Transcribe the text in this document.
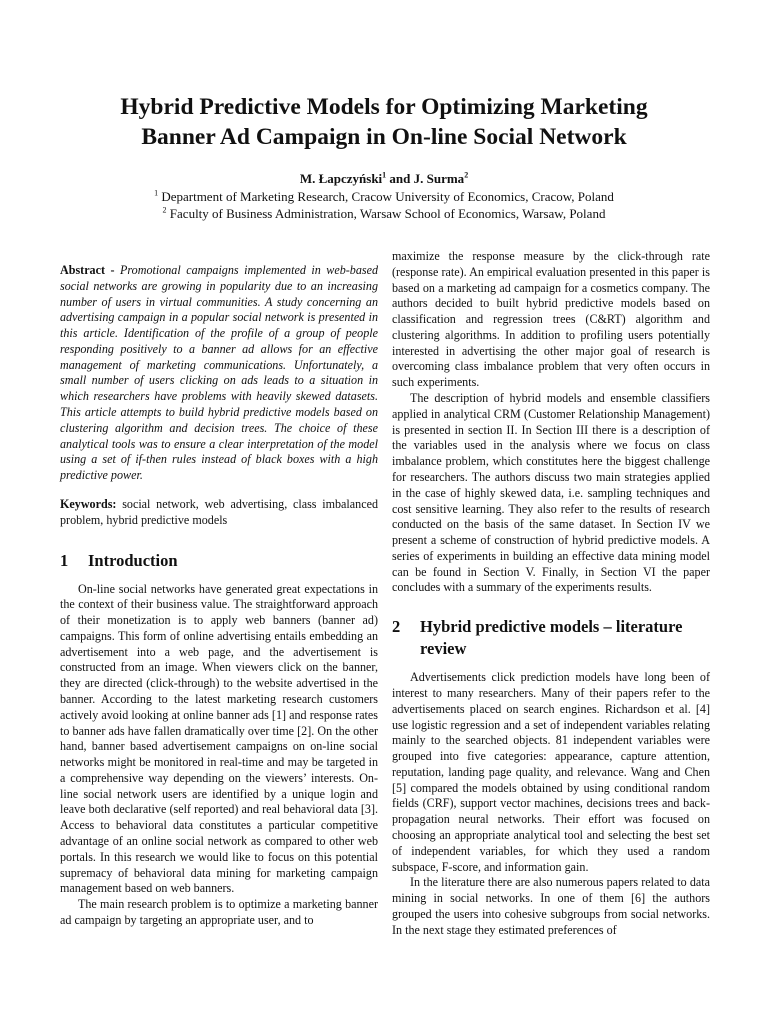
Hybrid Predictive Models for Optimizing Marketing
Banner Ad Campaign in On-line Social Network
M. Łapczyński$^1$ and J. Surma$^2$
$^1$ Department of Marketing Research, Cracow University of Economics, Cracow, Poland
$^2$ Faculty of Business Administration, Warsaw School of Economics, Warsaw, Poland

Abstract - Promotional campaigns implemented in web-based social networks are growing in popularity due to an increasing number of users in virtual communities. A study concerning an advertising campaign in a popular social network is presented in this article. Identification of the profile of a group of people responding positively to a banner ad allows for an effective management of marketing communications. Unfortunately, a small number of users clicking on ads leads to a situation in which researchers have problems with heavily skewed datasets. This article attempts to build hybrid predictive models based on clustering algorithm and decision trees. The choice of these analytical tools was to ensure a clear interpretation of the model using a set of if-then rules instead of black boxes with a high predictive power.

Keywords: social network, web advertising, class imbalanced problem, hybrid predictive models

1	Introduction

On-line social networks have generated great expectations in the context of their business value. The straightforward approach of their monetization is to apply web banners (banner ad) campaigns. This form of online advertising entails embedding an advertisement into a web page, and the advertisement is constructed from an image. When viewers click on the banner, they are directed (click-through) to the website advertised in the banner. According to the latest marketing research customers actively avoid looking at online banner ads [1] and response rates to banner ads have fallen dramatically over time [2]. On the other hand, banner based advertisement campaigns on on-line social networks might be monitored in real-time and may be targeted in a comprehensive way depending on the viewers’ interests. On-line social network users are identified by a unique login and leave both declarative (self reported) and real behavioral data [3]. Access to behavioral data constitutes a particular competitive advantage of an online social network as compared to other web portals. In this research we would like to focus on this potential supremacy of behavioral data mining for marketing campaign management based on web banners.

The main research problem is to optimize a marketing banner ad campaign by targeting an appropriate user, and to

maximize the response measure by the click-through rate (response rate). An empirical evaluation presented in this paper is based on a marketing ad campaign for a cosmetics company. The authors decided to built hybrid predictive models based on classification and regression trees (C&RT) algorithm and clustering algorithms. In addition to profiling users potentially interested in advertising the other major goal of research is overcoming class imbalance problem that very often occurs in such experiments.

The description of hybrid models and ensemble classifiers applied in analytical CRM (Customer Relationship Management) is presented in section II. In Section III there is a description of the variables used in the analysis where we focus on class imbalance problem, which constitutes here the biggest challenge for researchers. The authors discuss two main strategies applied in the case of highly skewed data, i.e. sampling techniques and cost sensitive learning. They also refer to the results of research conducted on the basis of the same dataset. In Section IV we present a scheme of construction of hybrid predictive models. A series of experiments in building an effective data mining model can be found in Section V. Finally, in Section VI the paper concludes with a summary of the experiments results.

2	Hybrid predictive models – literature review

Advertisements click prediction models have long been of interest to many researchers. Many of their papers refer to the advertisements placed on search engines. Richardson et al. [4] use logistic regression and a set of independent variables relating mainly to the searched objects. 81 independent variables were grouped into five categories: appearance, capture attention, reputation, landing page quality, and relevance. Wang and Chen [5] compared the models obtained by using conditional random fields (CRF), support vector machines, decisions trees and back-propagation neural networks. Their effort was focused on choosing an appropriate analytical tool and selecting the best set of independent variables, for which they used a random subspace, F-score, and information gain.

In the literature there are also numerous papers related to data mining in social networks. In one of them [6] the authors grouped the users into cohesive subgroups from social networks. In the next stage they estimated preferences of
